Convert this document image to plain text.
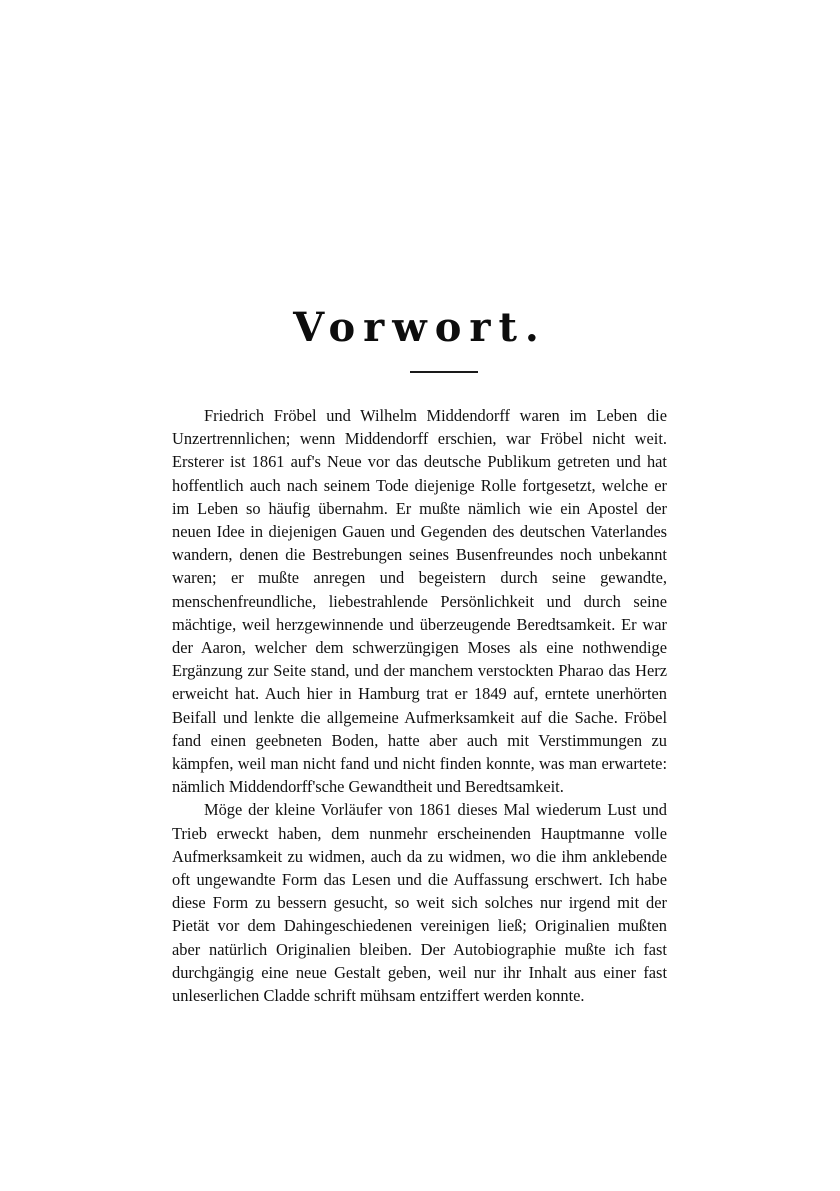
Vorwort.

Friedrich Fröbel und Wilhelm Middendorff waren im Leben die Unzertrennlichen; wenn Middendorff erschien, war Fröbel nicht weit. Ersterer ist 1861 auf's Neue vor das deutsche Publikum getreten und hat hoffentlich auch nach seinem Tode diejenige Rolle fortgesetzt, welche er im Leben so häufig übernahm. Er mußte nämlich wie ein Apostel der neuen Idee in diejenigen Gauen und Gegenden des deutschen Vaterlandes wandern, denen die Bestrebungen seines Busenfreundes noch unbekannt waren; er mußte anregen und begeistern durch seine gewandte, menschenfreundliche, liebestrahlende Persönlichkeit und durch seine mächtige, weil herzgewinnende und überzeugende Beredtsamkeit. Er war der Aaron, welcher dem schwerzüngigen Moses als eine nothwendige Ergänzung zur Seite stand, und der manchem verstockten Pharao das Herz erweicht hat. Auch hier in Hamburg trat er 1849 auf, erntete unerhörten Beifall und lenkte die allgemeine Aufmerksamkeit auf die Sache. Fröbel fand einen geebneten Boden, hatte aber auch mit Verstimmungen zu kämpfen, weil man nicht fand und nicht finden konnte, was man erwartete: nämlich Middendorff'sche Gewandtheit und Beredtsamkeit.

Möge der kleine Vorläufer von 1861 dieses Mal wiederum Lust und Trieb erweckt haben, dem nunmehr erscheinenden Hauptmanne volle Aufmerksamkeit zu widmen, auch da zu widmen, wo die ihm anklebende oft ungewandte Form das Lesen und die Auffassung erschwert. Ich habe diese Form zu bessern gesucht, so weit sich solches nur irgend mit der Pietät vor dem Dahingeschiedenen vereinigen ließ; Originalien mußten aber natürlich Originalien bleiben. Der Autobiographie mußte ich fast durchgängig eine neue Gestalt geben, weil nur ihr Inhalt aus einer fast unleserlichen Cladde schrift mühsam entziffert werden konnte.
